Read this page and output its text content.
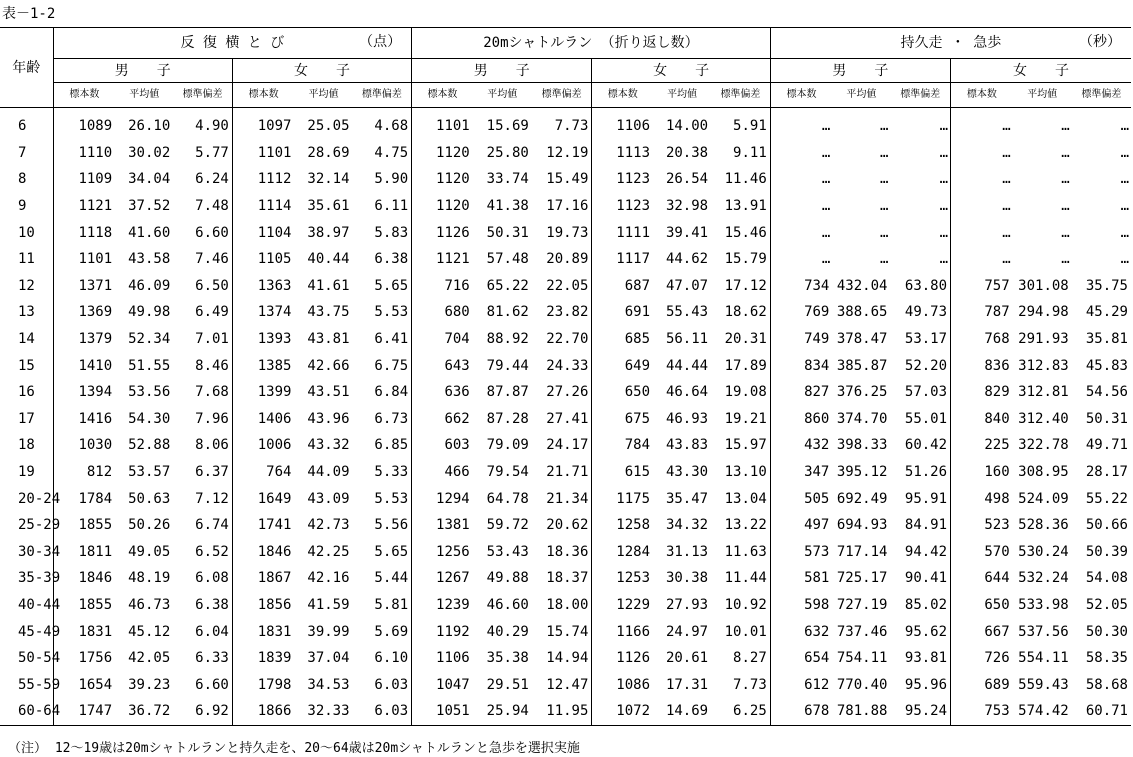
表－1-2
年齢	反 復 横 と び （点）						20mシャトルラン （折り返し数）						持久走 ・ 急歩 （秒）					

	男　　子			女　　子			男　　子			女　　子			男　　子			女　　子		
	標本数	平均値	標準偏差	標本数	平均値	標準偏差	標本数	平均値	標準偏差	標本数	平均値	標準偏差	標本数	平均値	標準偏差	標本数	平均値	標準偏差

6	1089	26.10	4.90	1097	25.05	4.68	1101	15.69	7.73	1106	14.00	5.91	…	…	…	…	…	…
7	1110	30.02	5.77	1101	28.69	4.75	1120	25.80	12.19	1113	20.38	9.11	…	…	…	…	…	…
8	1109	34.04	6.24	1112	32.14	5.90	1120	33.74	15.49	1123	26.54	11.46	…	…	…	…	…	…
9	1121	37.52	7.48	1114	35.61	6.11	1120	41.38	17.16	1123	32.98	13.91	…	…	…	…	…	…
10	1118	41.60	6.60	1104	38.97	5.83	1126	50.31	19.73	1111	39.41	15.46	…	…	…	…	…	…
11	1101	43.58	7.46	1105	40.44	6.38	1121	57.48	20.89	1117	44.62	15.79	…	…	…	…	…	…
12	1371	46.09	6.50	1363	41.61	5.65	716	65.22	22.05	687	47.07	17.12	734	432.04	63.80	757	301.08	35.75
13	1369	49.98	6.49	1374	43.75	5.53	680	81.62	23.82	691	55.43	18.62	769	388.65	49.73	787	294.98	45.29
14	1379	52.34	7.01	1393	43.81	6.41	704	88.92	22.70	685	56.11	20.31	749	378.47	53.17	768	291.93	35.81
15	1410	51.55	8.46	1385	42.66	6.75	643	79.44	24.33	649	44.44	17.89	834	385.87	52.20	836	312.83	45.83
16	1394	53.56	7.68	1399	43.51	6.84	636	87.87	27.26	650	46.64	19.08	827	376.25	57.03	829	312.81	54.56
17	1416	54.30	7.96	1406	43.96	6.73	662	87.28	27.41	675	46.93	19.21	860	374.70	55.01	840	312.40	50.31
18	1030	52.88	8.06	1006	43.32	6.85	603	79.09	24.17	784	43.83	15.97	432	398.33	60.42	225	322.78	49.71
19	812	53.57	6.37	764	44.09	5.33	466	79.54	21.71	615	43.30	13.10	347	395.12	51.26	160	308.95	28.17
20-24	1784	50.63	7.12	1649	43.09	5.53	1294	64.78	21.34	1175	35.47	13.04	505	692.49	95.91	498	524.09	55.22
25-29	1855	50.26	6.74	1741	42.73	5.56	1381	59.72	20.62	1258	34.32	13.22	497	694.93	84.91	523	528.36	50.66
30-34	1811	49.05	6.52	1846	42.25	5.65	1256	53.43	18.36	1284	31.13	11.63	573	717.14	94.42	570	530.24	50.39
35-39	1846	48.19	6.08	1867	42.16	5.44	1267	49.88	18.37	1253	30.38	11.44	581	725.17	90.41	644	532.24	54.08
40-44	1855	46.73	6.38	1856	41.59	5.81	1239	46.60	18.00	1229	27.93	10.92	598	727.19	85.02	650	533.98	52.05
45-49	1831	45.12	6.04	1831	39.99	5.69	1192	40.29	15.74	1166	24.97	10.01	632	737.46	95.62	667	537.56	50.30
50-54	1756	42.05	6.33	1839	37.04	6.10	1106	35.38	14.94	1126	20.61	8.27	654	754.11	93.81	726	554.11	58.35
55-59	1654	39.23	6.60	1798	34.53	6.03	1047	29.51	12.47	1086	17.31	7.73	612	770.40	95.96	689	559.43	58.68
60-64	1747	36.72	6.92	1866	32.33	6.03	1051	25.94	11.95	1072	14.69	6.25	678	781.88	95.24	753	574.42	60.71
（注） 12～19歳は20mシャトルランと持久走を、20～64歳は20mシャトルランと急歩を選択実施
